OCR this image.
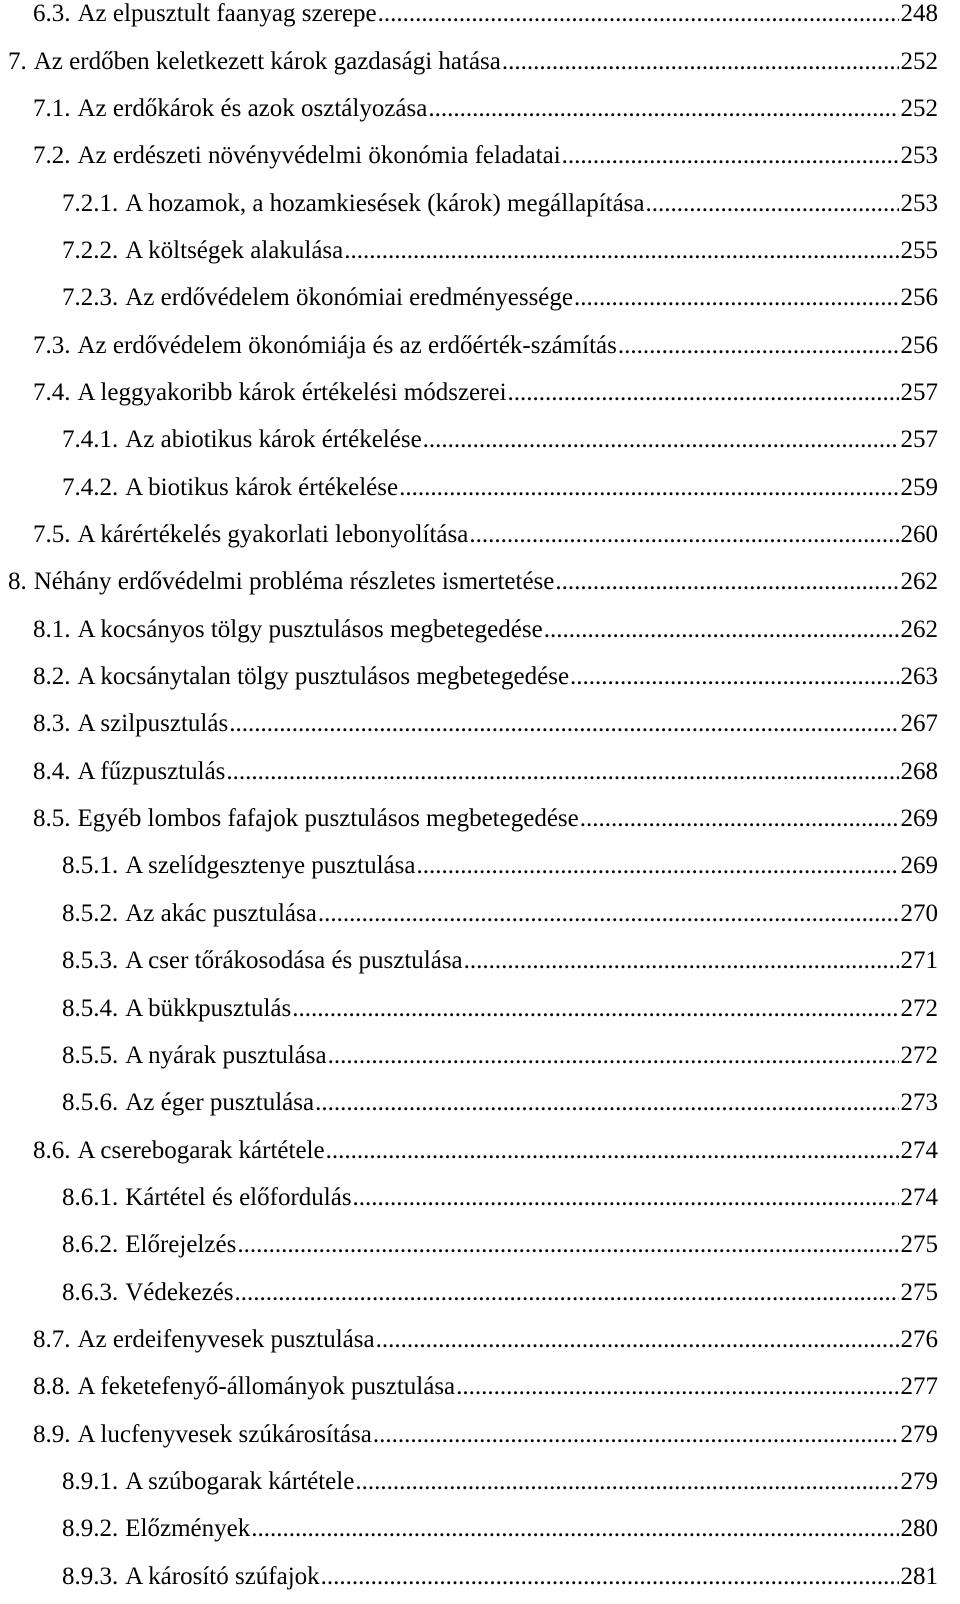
6.3. Az elpusztult faanyag szerepe .....	248
7. Az erdőben keletkezett károk gazdasági hatása .....	252
7.1. Az erdőkárok és azok osztályozása .....	252
7.2. Az erdészeti növényvédelmi ökonómia feladatai .....	253
7.2.1. A hozamok, a hozamkiesések (károk) megállapítása .....	253
7.2.2. A költségek alakulása .....	255
7.2.3. Az erdővédelem ökonómiai eredményessége .....	256
7.3. Az erdővédelem ökonómiája és az erdőérték-számítás .....	256
7.4. A leggyakoribb károk értékelési módszerei .....	257
7.4.1. Az abiotikus károk értékelése .....	257
7.4.2. A biotikus károk értékelése .....	259
7.5. A kárértékelés gyakorlati lebonyolítása .....	260
8. Néhány erdővédelmi probléma részletes ismertetése .....	262
8.1. A kocsányos tölgy pusztulásos megbetegedése .....	262
8.2. A kocsánytalan tölgy pusztulásos megbetegedése .....	263
8.3. A szilpusztulás .....	267
8.4. A fűzpusztulás .....	268
8.5. Egyéb lombos fafajok pusztulásos megbetegedése .....	269
8.5.1. A szelídgesztenye pusztulása .....	269
8.5.2. Az akác pusztulása .....	270
8.5.3. A cser tőrákosodása és pusztulása .....	271
8.5.4. A bükkpusztulás .....	272
8.5.5. A nyárak pusztulása .....	272
8.5.6. Az éger pusztulása .....	273
8.6. A cserebogarak kártétele .....	274
8.6.1. Kártétel és előfordulás .....	274
8.6.2. Előrejelzés .....	275
8.6.3. Védekezés .....	275
8.7. Az erdeifenyvesek pusztulása .....	276
8.8. A feketefenyő-állományok pusztulása .....	277
8.9. A lucfenyvesek szúkárosítása .....	279
8.9.1. A szúbogarak kártétele .....	279
8.9.2. Előzmények .....	280
8.9.3. A károsító szúfajok .....	281
